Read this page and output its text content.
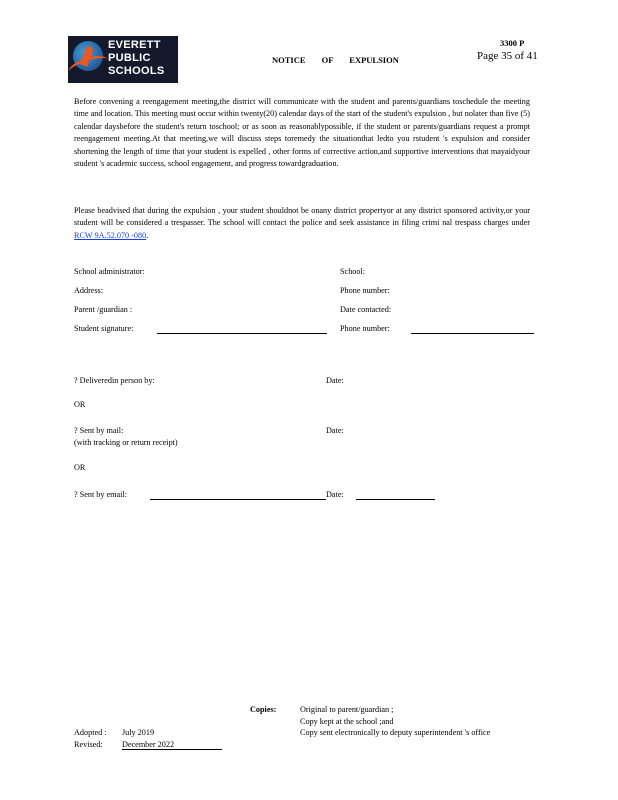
EVERETT
PUBLIC
SCHOOLS
3300 P
Page 35 of 41
NOTICE OF EXPULSION
Before convening a reengagement meeting,the district will communicate with the student and parents/guardians toschedule the meeting time and location. This meeting must occur within twenty(20) calendar days of the start of the student's expulsion , but nolater than five (5) calendar daysbefore the student's return toschool; or as soon as reasonablypossible, if the student or parents/guardians request a prompt reengagement meeting.At that meeting,we will discuss steps toremedy the situationthat ledto you rstudent 's expulsion and consider shortening the length of time that your student is expelled , other forms of corrective action,and supportive interventions that mayaidyour student 's academic success, school engagement, and progress towardgraduation.
Please beadvised that during the expulsion , your student shouldnot be onany district propertyor at any district sponsored activity,or your student will be considered a trespasser. The school will contact the police and seek assistance in filing crimi nal trespass charges under RCW 9A.52.070 -080.
School administrator:	School:
Address:	Phone number:
Parent /guardian :	Date contacted:
Student signature:	Phone number:
? Deliveredin person by:	Date:
OR
? Sent by mail:
(with tracking or return receipt)
Date:
OR
? Sent by email:	Date:
Copies:	Original to parent/guardian ;
Copy kept at the school ;and
Copy sent electronically to deputy superintendent 's office
Adopted : July 2019
Revised: December 2022
